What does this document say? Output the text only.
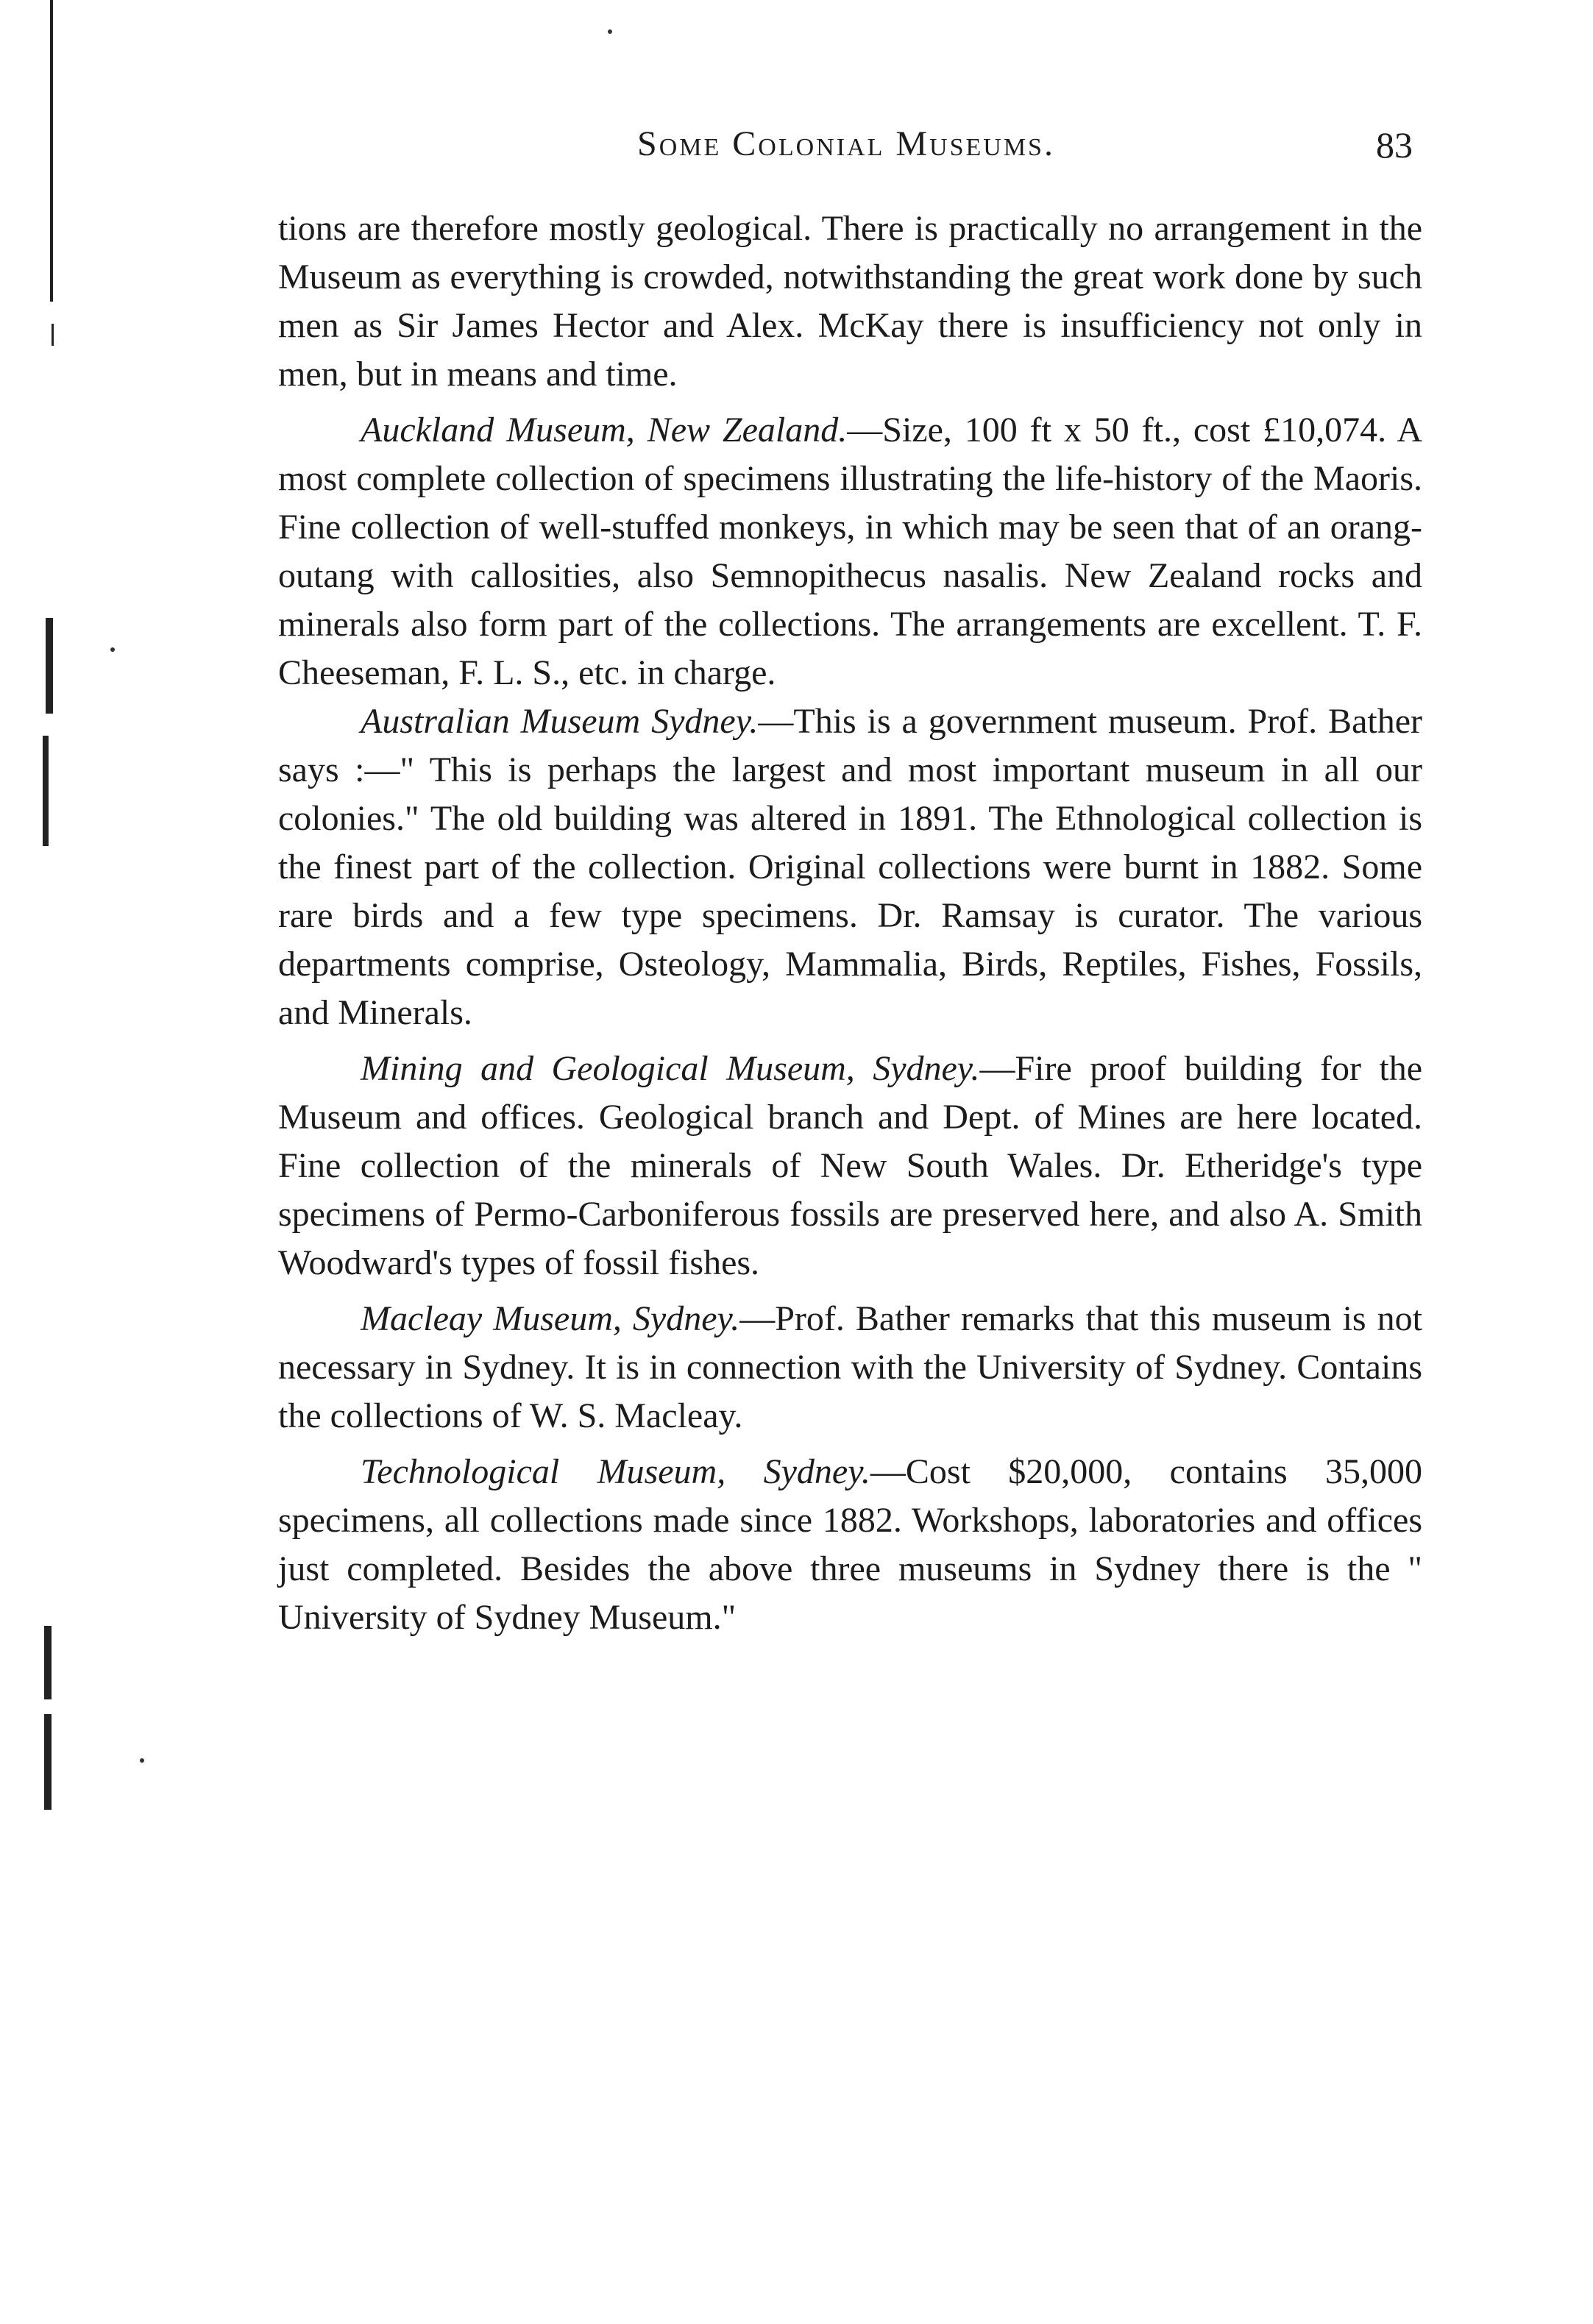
Some Colonial Museums.	83

tions are therefore mostly geological. There is practically no arrangement in the Museum as everything is crowded, notwithstanding the great work done by such men as Sir James Hector and Alex. McKay there is insufficiency not only in men, but in means and time.

Auckland Museum, New Zealand.—Size, 100 ft x 50 ft., cost £10,074. A most complete collection of specimens illustrating the life-history of the Maoris. Fine collection of well-stuffed monkeys, in which may be seen that of an orang-outang with callosities, also Semnopithecus nasalis. New Zealand rocks and minerals also form part of the collections. The arrangements are excellent. T. F. Cheeseman, F. L. S., etc. in charge.

Australian Museum Sydney.—This is a government museum. Prof. Bather says :—" This is perhaps the largest and most important museum in all our colonies." The old building was altered in 1891. The Ethnological collection is the finest part of the collection. Original collections were burnt in 1882. Some rare birds and a few type specimens. Dr. Ramsay is curator. The various departments comprise, Osteology, Mammalia, Birds, Reptiles, Fishes, Fossils, and Minerals.

Mining and Geological Museum, Sydney.—Fire proof building for the Museum and offices. Geological branch and Dept. of Mines are here located. Fine collection of the minerals of New South Wales. Dr. Etheridge's type specimens of Permo-Carboniferous fossils are preserved here, and also A. Smith Woodward's types of fossil fishes.

Macleay Museum, Sydney.—Prof. Bather remarks that this museum is not necessary in Sydney. It is in connection with the University of Sydney. Contains the collections of W. S. Macleay.

Technological Museum, Sydney.—Cost $20,000, contains 35,000 specimens, all collections made since 1882. Workshops, laboratories and offices just completed. Besides the above three museums in Sydney there is the " University of Sydney Museum."
